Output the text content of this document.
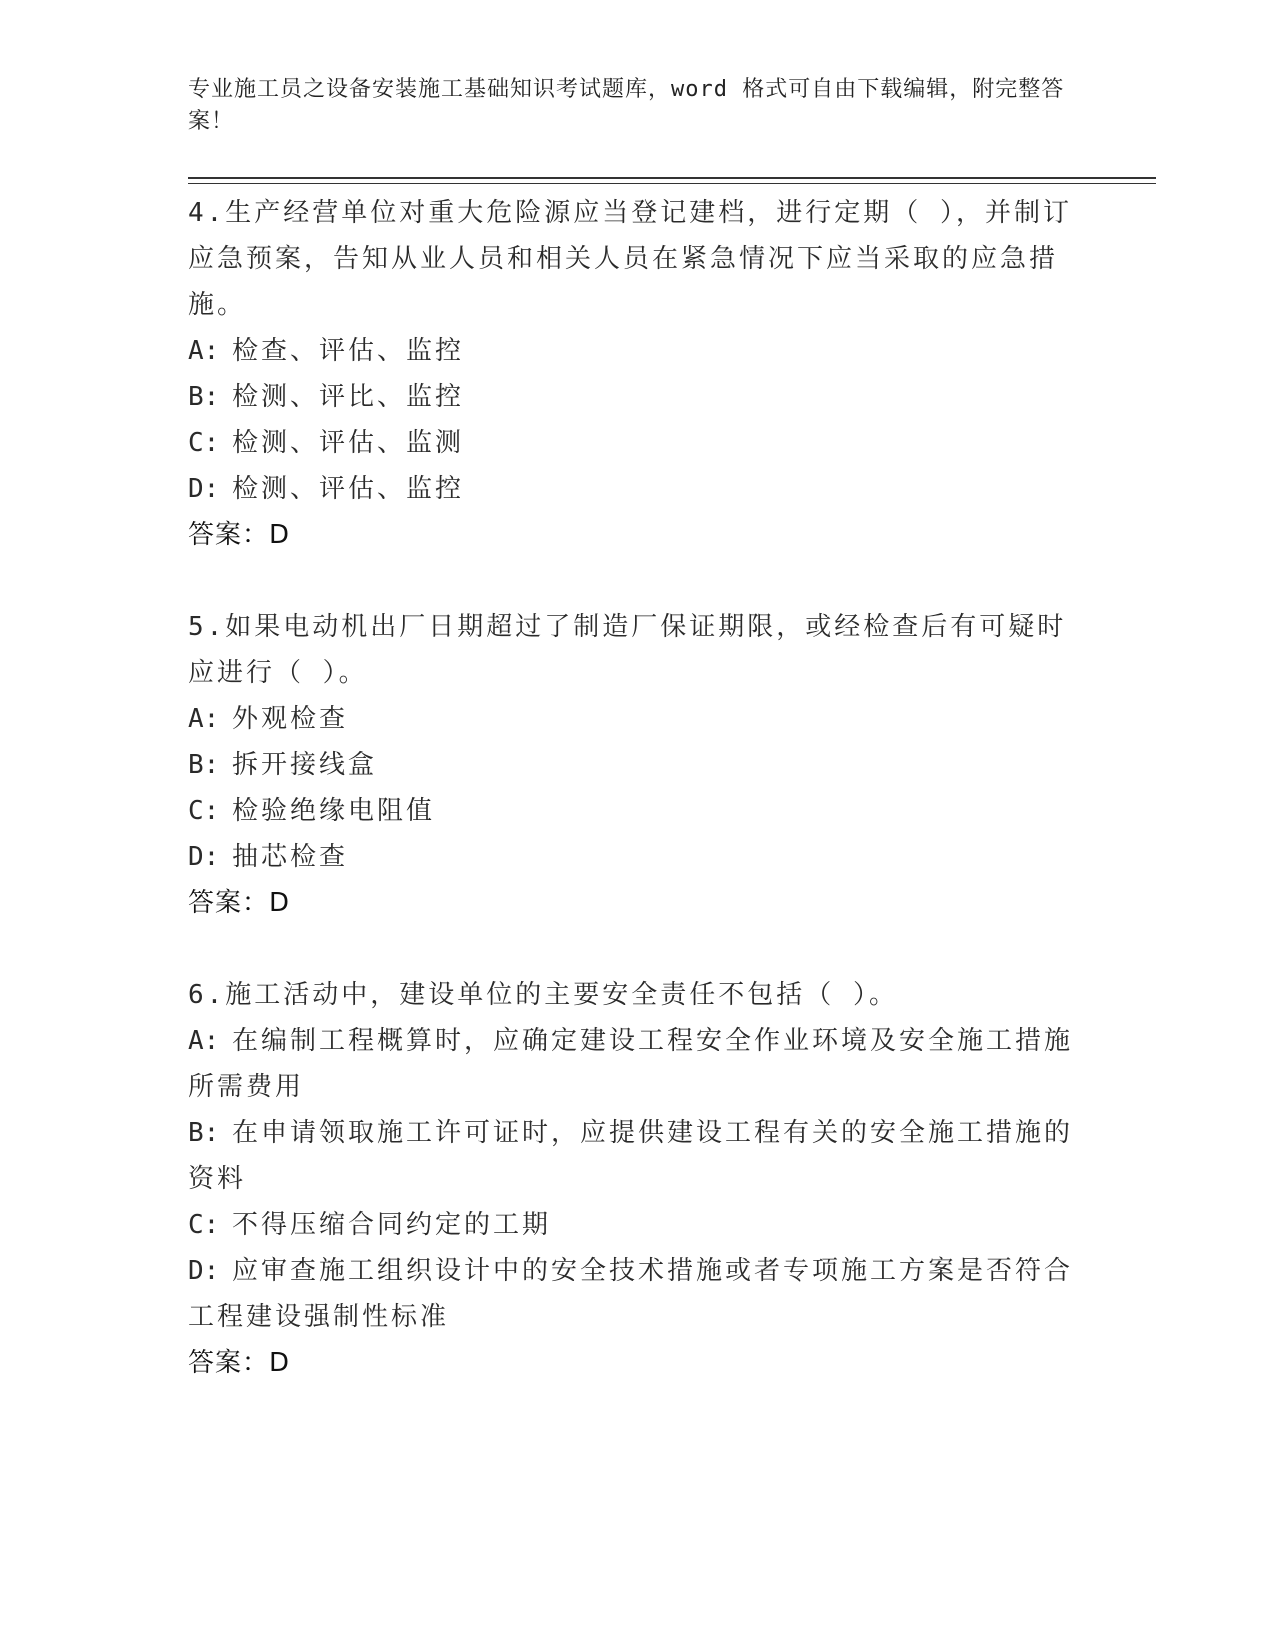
专业施工员之设备安装施工基础知识考试题库，word 格式可自由下载编辑，附完整答案！
4.生产经营单位对重大危险源应当登记建档，进行定期（ ），并制订应急预案，告知从业人员和相关人员在紧急情况下应当采取的应急措施。
A: 检查、评估、监控
B: 检测、评比、监控
C: 检测、评估、监测
D: 检测、评估、监控
答案：D
5.如果电动机出厂日期超过了制造厂保证期限，或经检查后有可疑时应进行（ ）。
A: 外观检查
B: 拆开接线盒
C: 检验绝缘电阻值
D: 抽芯检查
答案：D
6.施工活动中，建设单位的主要安全责任不包括（ ）。
A: 在编制工程概算时，应确定建设工程安全作业环境及安全施工措施所需费用
B: 在申请领取施工许可证时，应提供建设工程有关的安全施工措施的资料
C: 不得压缩合同约定的工期
D: 应审查施工组织设计中的安全技术措施或者专项施工方案是否符合工程建设强制性标准
答案：D
